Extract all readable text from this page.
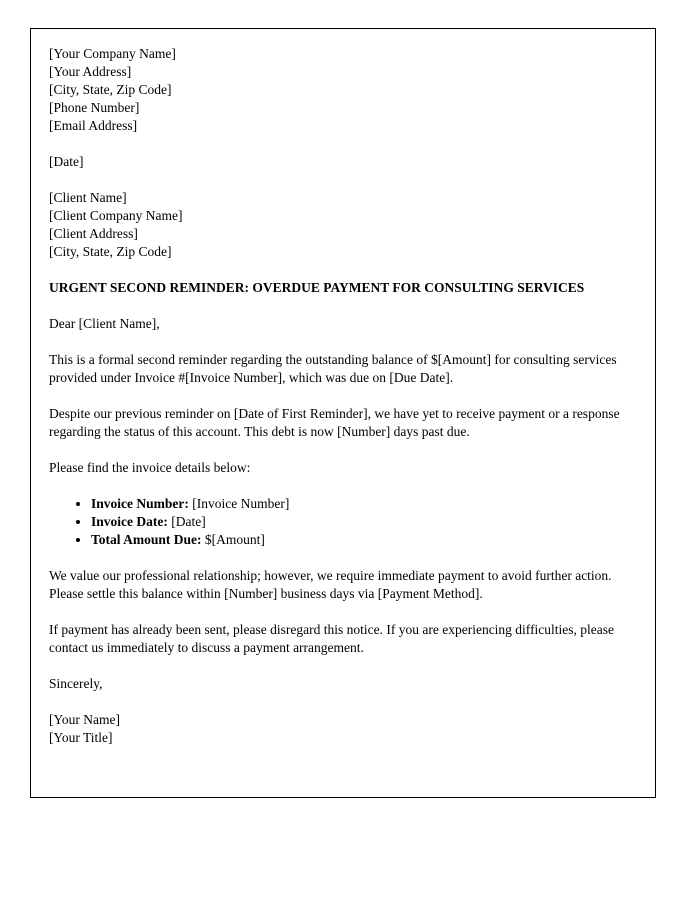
[Your Company Name]
[Your Address]
[City, State, Zip Code]
[Phone Number]
[Email Address]
[Date]
[Client Name]
[Client Company Name]
[Client Address]
[City, State, Zip Code]
URGENT SECOND REMINDER: OVERDUE PAYMENT FOR CONSULTING SERVICES

Dear [Client Name],

This is a formal second reminder regarding the outstanding balance of $[Amount] for consulting services provided under Invoice #[Invoice Number], which was due on [Due Date].

Despite our previous reminder on [Date of First Reminder], we have yet to receive payment or a response regarding the status of this account. This debt is now [Number] days past due.

Please find the invoice details below:

• Invoice Number: [Invoice Number]
• Invoice Date: [Date]
• Total Amount Due: $[Amount]

We value our professional relationship; however, we require immediate payment to avoid further action. Please settle this balance within [Number] business days via [Payment Method].

If payment has already been sent, please disregard this notice. If you are experiencing difficulties, please contact us immediately to discuss a payment arrangement.

Sincerely,

[Your Name]
[Your Title]
